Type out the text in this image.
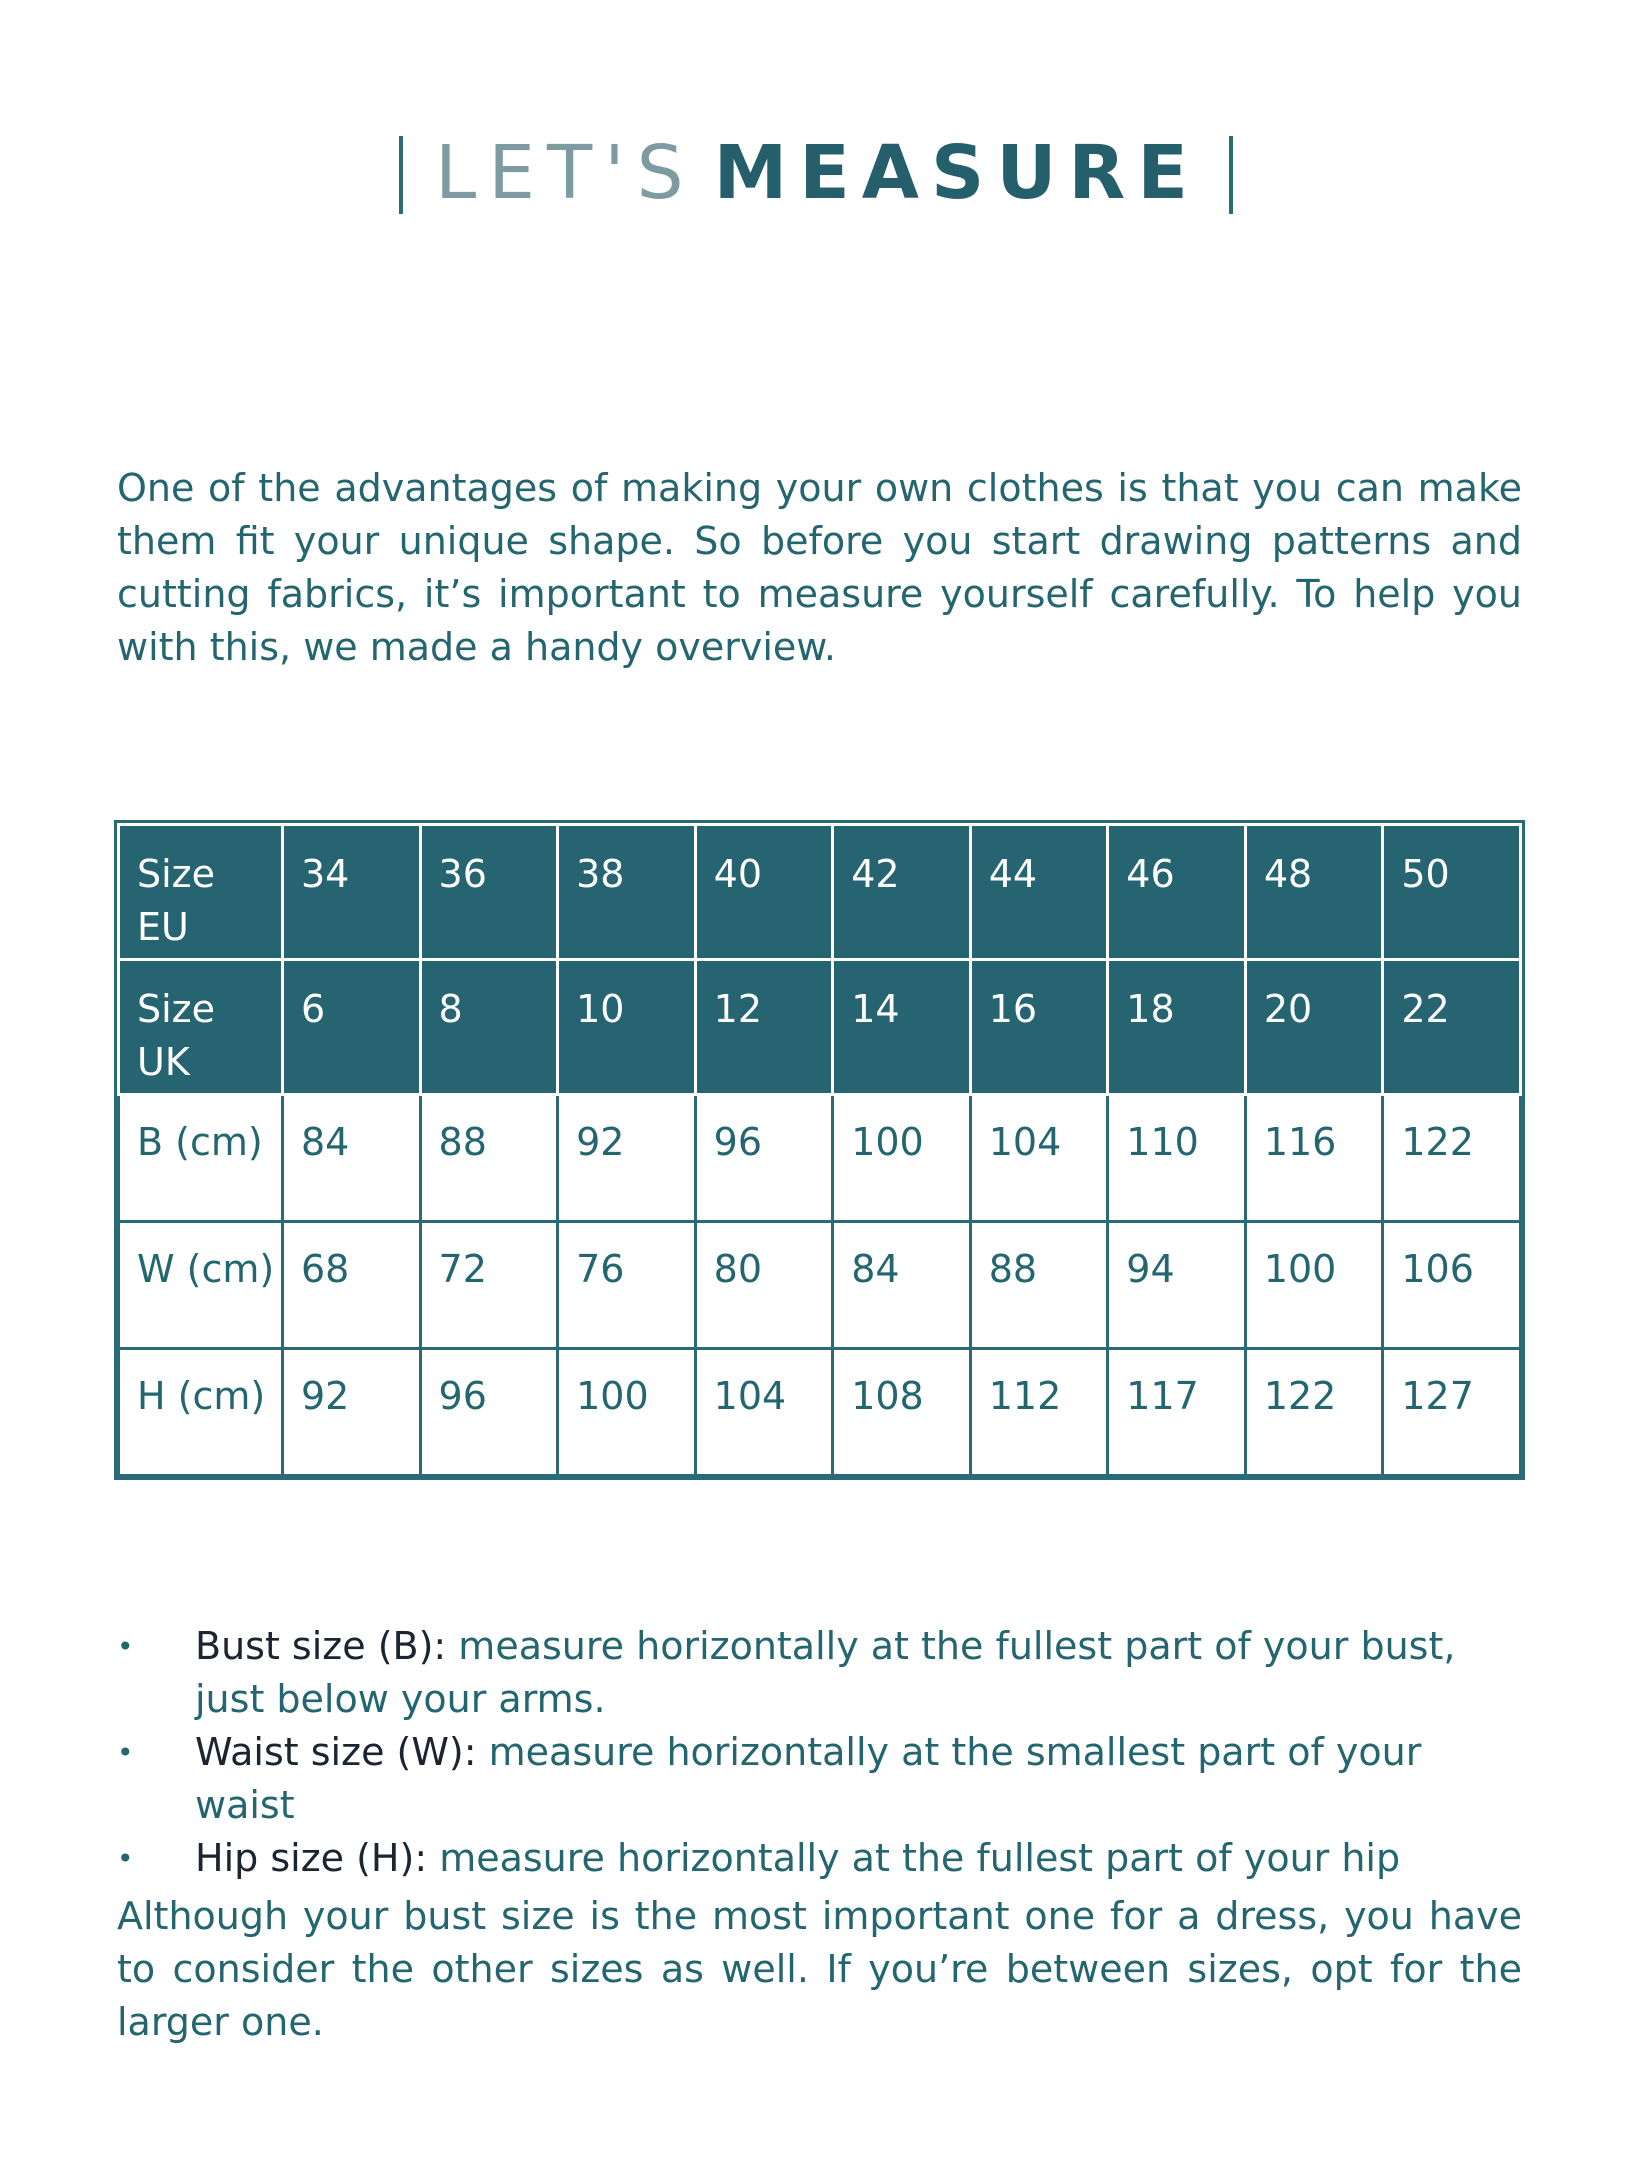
LET'S MEASURE

One of the advantages of making your own clothes is that you can make them fit your unique shape. So before you start drawing patterns and cutting fabrics, it’s important to measure yourself carefully. To help you with this, we made a handy overview.

Size EU	34	36	38	40	42	44	46	48	50
Size UK	6	8	10	12	14	16	18	20	22
B (cm)	84	88	92	96	100	104	110	116	122
W (cm)	68	72	76	80	84	88	94	100	106
H (cm)	92	96	100	104	108	112	117	122	127
• Bust size (B): measure horizontally at the fullest part of your bust, just below your arms.
• Waist size (W): measure horizontally at the smallest part of your waist
• Hip size (H): measure horizontally at the fullest part of your hip

Although your bust size is the most important one for a dress, you have to consider the other sizes as well. If you’re between sizes, opt for the larger one.
